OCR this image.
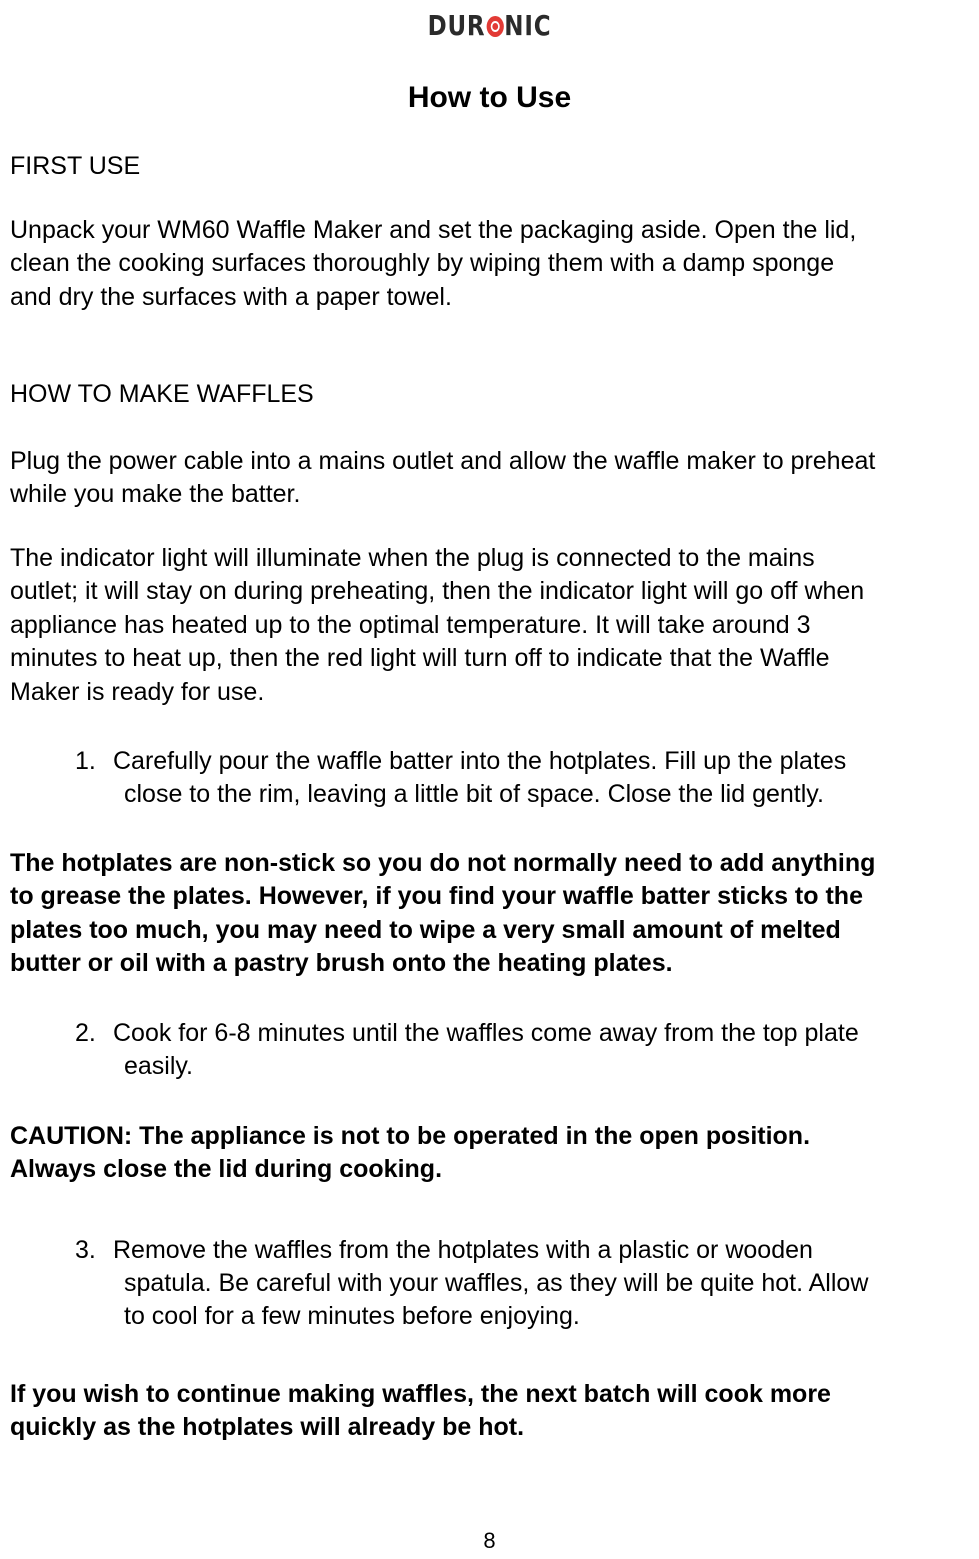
DUR NIC
How to Use
FIRST USE
Unpack your WM60 Waffle Maker and set the packaging aside. Open the lid,
clean the cooking surfaces thoroughly by wiping them with a damp sponge
and dry the surfaces with a paper towel.
HOW TO MAKE WAFFLES
Plug the power cable into a mains outlet and allow the waffle maker to preheat
while you make the batter.
The indicator light will illuminate when the plug is connected to the mains
outlet; it will stay on during preheating, then the indicator light will go off when
appliance has heated up to the optimal temperature. It will take around 3
minutes to heat up, then the red light will turn off to indicate that the Waffle
Maker is ready for use.
1. Carefully pour the waffle batter into the hotplates. Fill up the plates
close to the rim, leaving a little bit of space. Close the lid gently.
The hotplates are non-stick so you do not normally need to add anything
to grease the plates. However, if you find your waffle batter sticks to the
plates too much, you may need to wipe a very small amount of melted
butter or oil with a pastry brush onto the heating plates.
2. Cook for 6-8 minutes until the waffles come away from the top plate
easily.
CAUTION: The appliance is not to be operated in the open position.
Always close the lid during cooking.
3. Remove the waffles from the hotplates with a plastic or wooden
spatula. Be careful with your waffles, as they will be quite hot. Allow
to cool for a few minutes before enjoying.
If you wish to continue making waffles, the next batch will cook more
quickly as the hotplates will already be hot.
8
